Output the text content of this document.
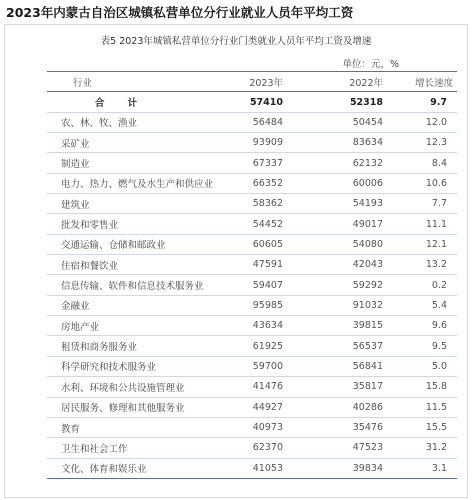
2023年内蒙古自治区城镇私营单位分行业就业人员年平均工资
表5 2023年城镇私营单位分行业门类就业人员年平均工资及增速
单位：元，%
行业	2023年	2022年	增长速度
合 计	57410	52318	9.7
农、林、牧、渔业	56484	50454	12.0
采矿业	93909	83634	12.3
制造业	67337	62132	8.4
电力、热力、燃气及水生产和供应业	66352	60006	10.6
建筑业	58362	54193	7.7
批发和零售业	54452	49017	11.1
交通运输、仓储和邮政业	60605	54080	12.1
住宿和餐饮业	47591	42043	13.2
信息传输、软件和信息技术服务业	59407	59292	0.2
金融业	95985	91032	5.4
房地产业	43634	39815	9.6
租赁和商务服务业	61925	56537	9.5
科学研究和技术服务业	59700	56841	5.0
水利、环境和公共设施管理业	41476	35817	15.8
居民服务、修理和其他服务业	44927	40286	11.5
教育	40973	35476	15.5
卫生和社会工作	62370	47523	31.2
文化、体育和娱乐业	41053	39834	3.1
